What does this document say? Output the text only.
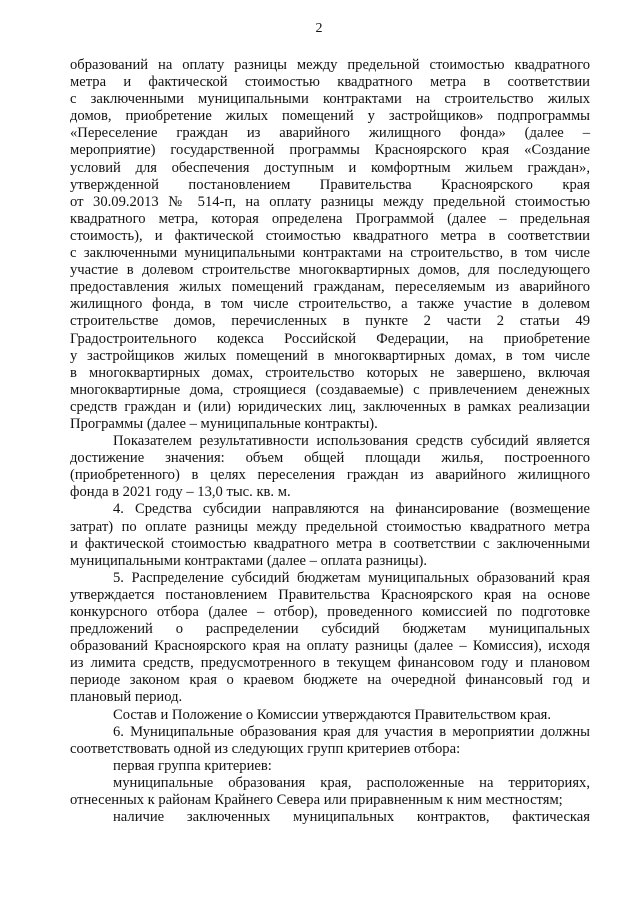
2
образований на оплату разницы между предельной стоимостью квадратного
метра и фактической стоимостью квадратного метра в соответствии
с заключенными муниципальными контрактами на строительство жилых
домов, приобретение жилых помещений у застройщиков» подпрограммы
«Переселение граждан из аварийного жилищного фонда» (далее –
мероприятие) государственной программы Красноярского края «Создание
условий для обеспечения доступным и комфортным жильем граждан»,
утвержденной постановлением Правительства Красноярского края
от 30.09.2013 № 514-п, на оплату разницы между предельной стоимостью
квадратного метра, которая определена Программой (далее – предельная
стоимость), и фактической стоимостью квадратного метра в соответствии
с заключенными муниципальными контрактами на строительство, в том числе
участие в долевом строительстве многоквартирных домов, для последующего
предоставления жилых помещений гражданам, переселяемым из аварийного
жилищного фонда, в том числе строительство, а также участие в долевом
строительстве домов, перечисленных в пункте 2 части 2 статьи 49
Градостроительного кодекса Российской Федерации, на приобретение
у застройщиков жилых помещений в многоквартирных домах, в том числе
в многоквартирных домах, строительство которых не завершено, включая
многоквартирные дома, строящиеся (создаваемые) с привлечением денежных
средств граждан и (или) юридических лиц, заключенных в рамках реализации
Программы (далее – муниципальные контракты).
Показателем результативности использования средств субсидий является
достижение значения: объем общей площади жилья, построенного
(приобретенного) в целях переселения граждан из аварийного жилищного
фонда в 2021 году – 13,0 тыс. кв. м.
4. Средства субсидии направляются на финансирование (возмещение
затрат) по оплате разницы между предельной стоимостью квадратного метра
и фактической стоимостью квадратного метра в соответствии с заключенными
муниципальными контрактами (далее – оплата разницы).
5. Распределение субсидий бюджетам муниципальных образований края
утверждается постановлением Правительства Красноярского края на основе
конкурсного отбора (далее – отбор), проведенного комиссией по подготовке
предложений о распределении субсидий бюджетам муниципальных
образований Красноярского края на оплату разницы (далее – Комиссия), исходя
из лимита средств, предусмотренного в текущем финансовом году и плановом
периоде законом края о краевом бюджете на очередной финансовый год и
плановый период.
Состав и Положение о Комиссии утверждаются Правительством края.
6. Муниципальные образования края для участия в мероприятии должны
соответствовать одной из следующих групп критериев отбора:
первая группа критериев:
муниципальные образования края, расположенные на территориях,
отнесенных к районам Крайнего Севера или приравненным к ним местностям;
наличие заключенных муниципальных контрактов, фактическая
